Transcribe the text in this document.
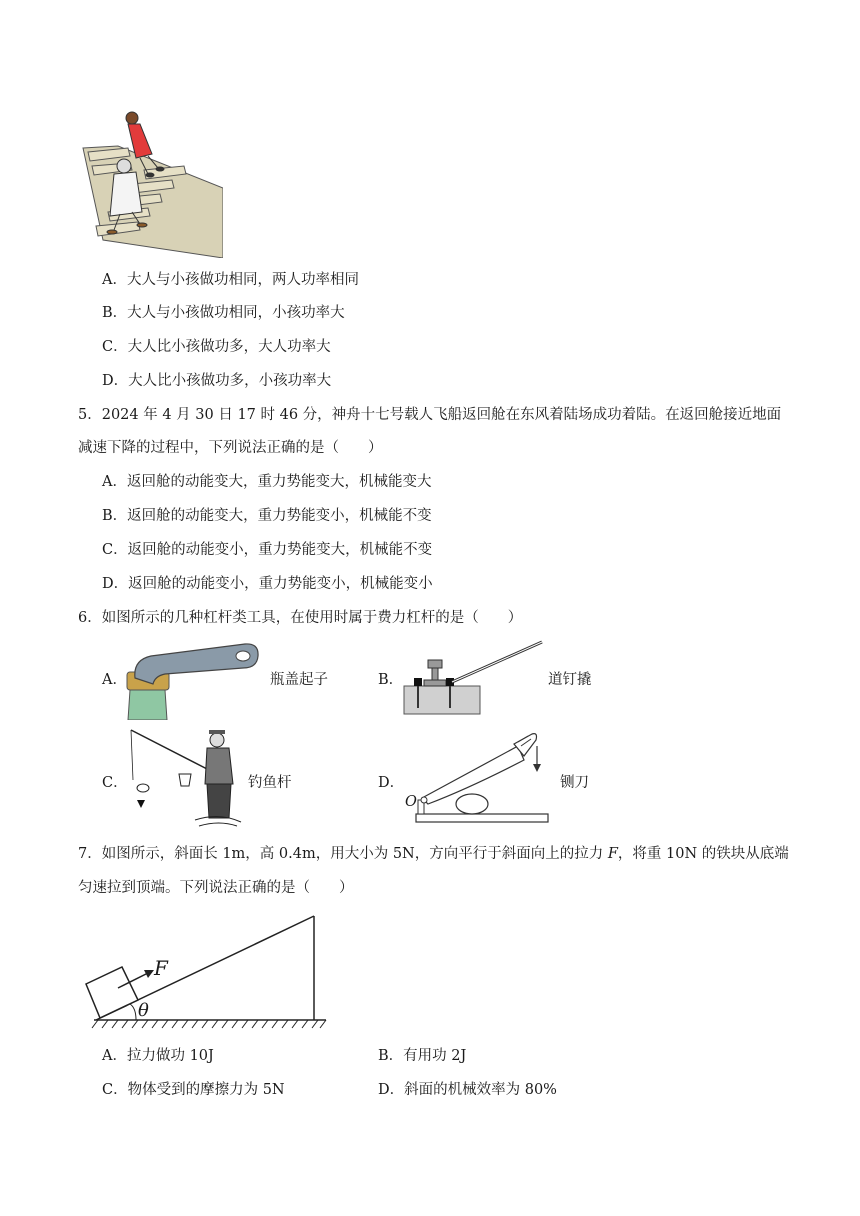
A．大人与小孩做功相同，两人功率相同
B．大人与小孩做功相同，小孩功率大
C．大人比小孩做功多，大人功率大
D．大人比小孩做功多，小孩功率大
5．2024 年 4 月 30 日 17 时 46 分，神舟十七号载人飞船返回舱在东风着陆场成功着陆。在返回舱接近地面
减速下降的过程中，下列说法正确的是（　　）
A．返回舱的动能变大，重力势能变大，机械能变大
B．返回舱的动能变大，重力势能变小，机械能不变
C．返回舱的动能变小，重力势能变大，机械能不变
D．返回舱的动能变小，重力势能变小，机械能变小
6．如图所示的几种杠杆类工具，在使用时属于费力杠杆的是（　　）
A．	瓶盖起子	B．	道钉撬
C．	钓鱼杆	D．
O
铡刀
7．如图所示，斜面长 1m，高 0.4m，用大小为 5N，方向平行于斜面向上的拉力 F，将重 10N 的铁块从底端
匀速拉到顶端。下列说法正确的是（　　）
F
θ
A．拉力做功 10J	B．有用功 2J
C．物体受到的摩擦力为 5N	D．斜面的机械效率为 80%
